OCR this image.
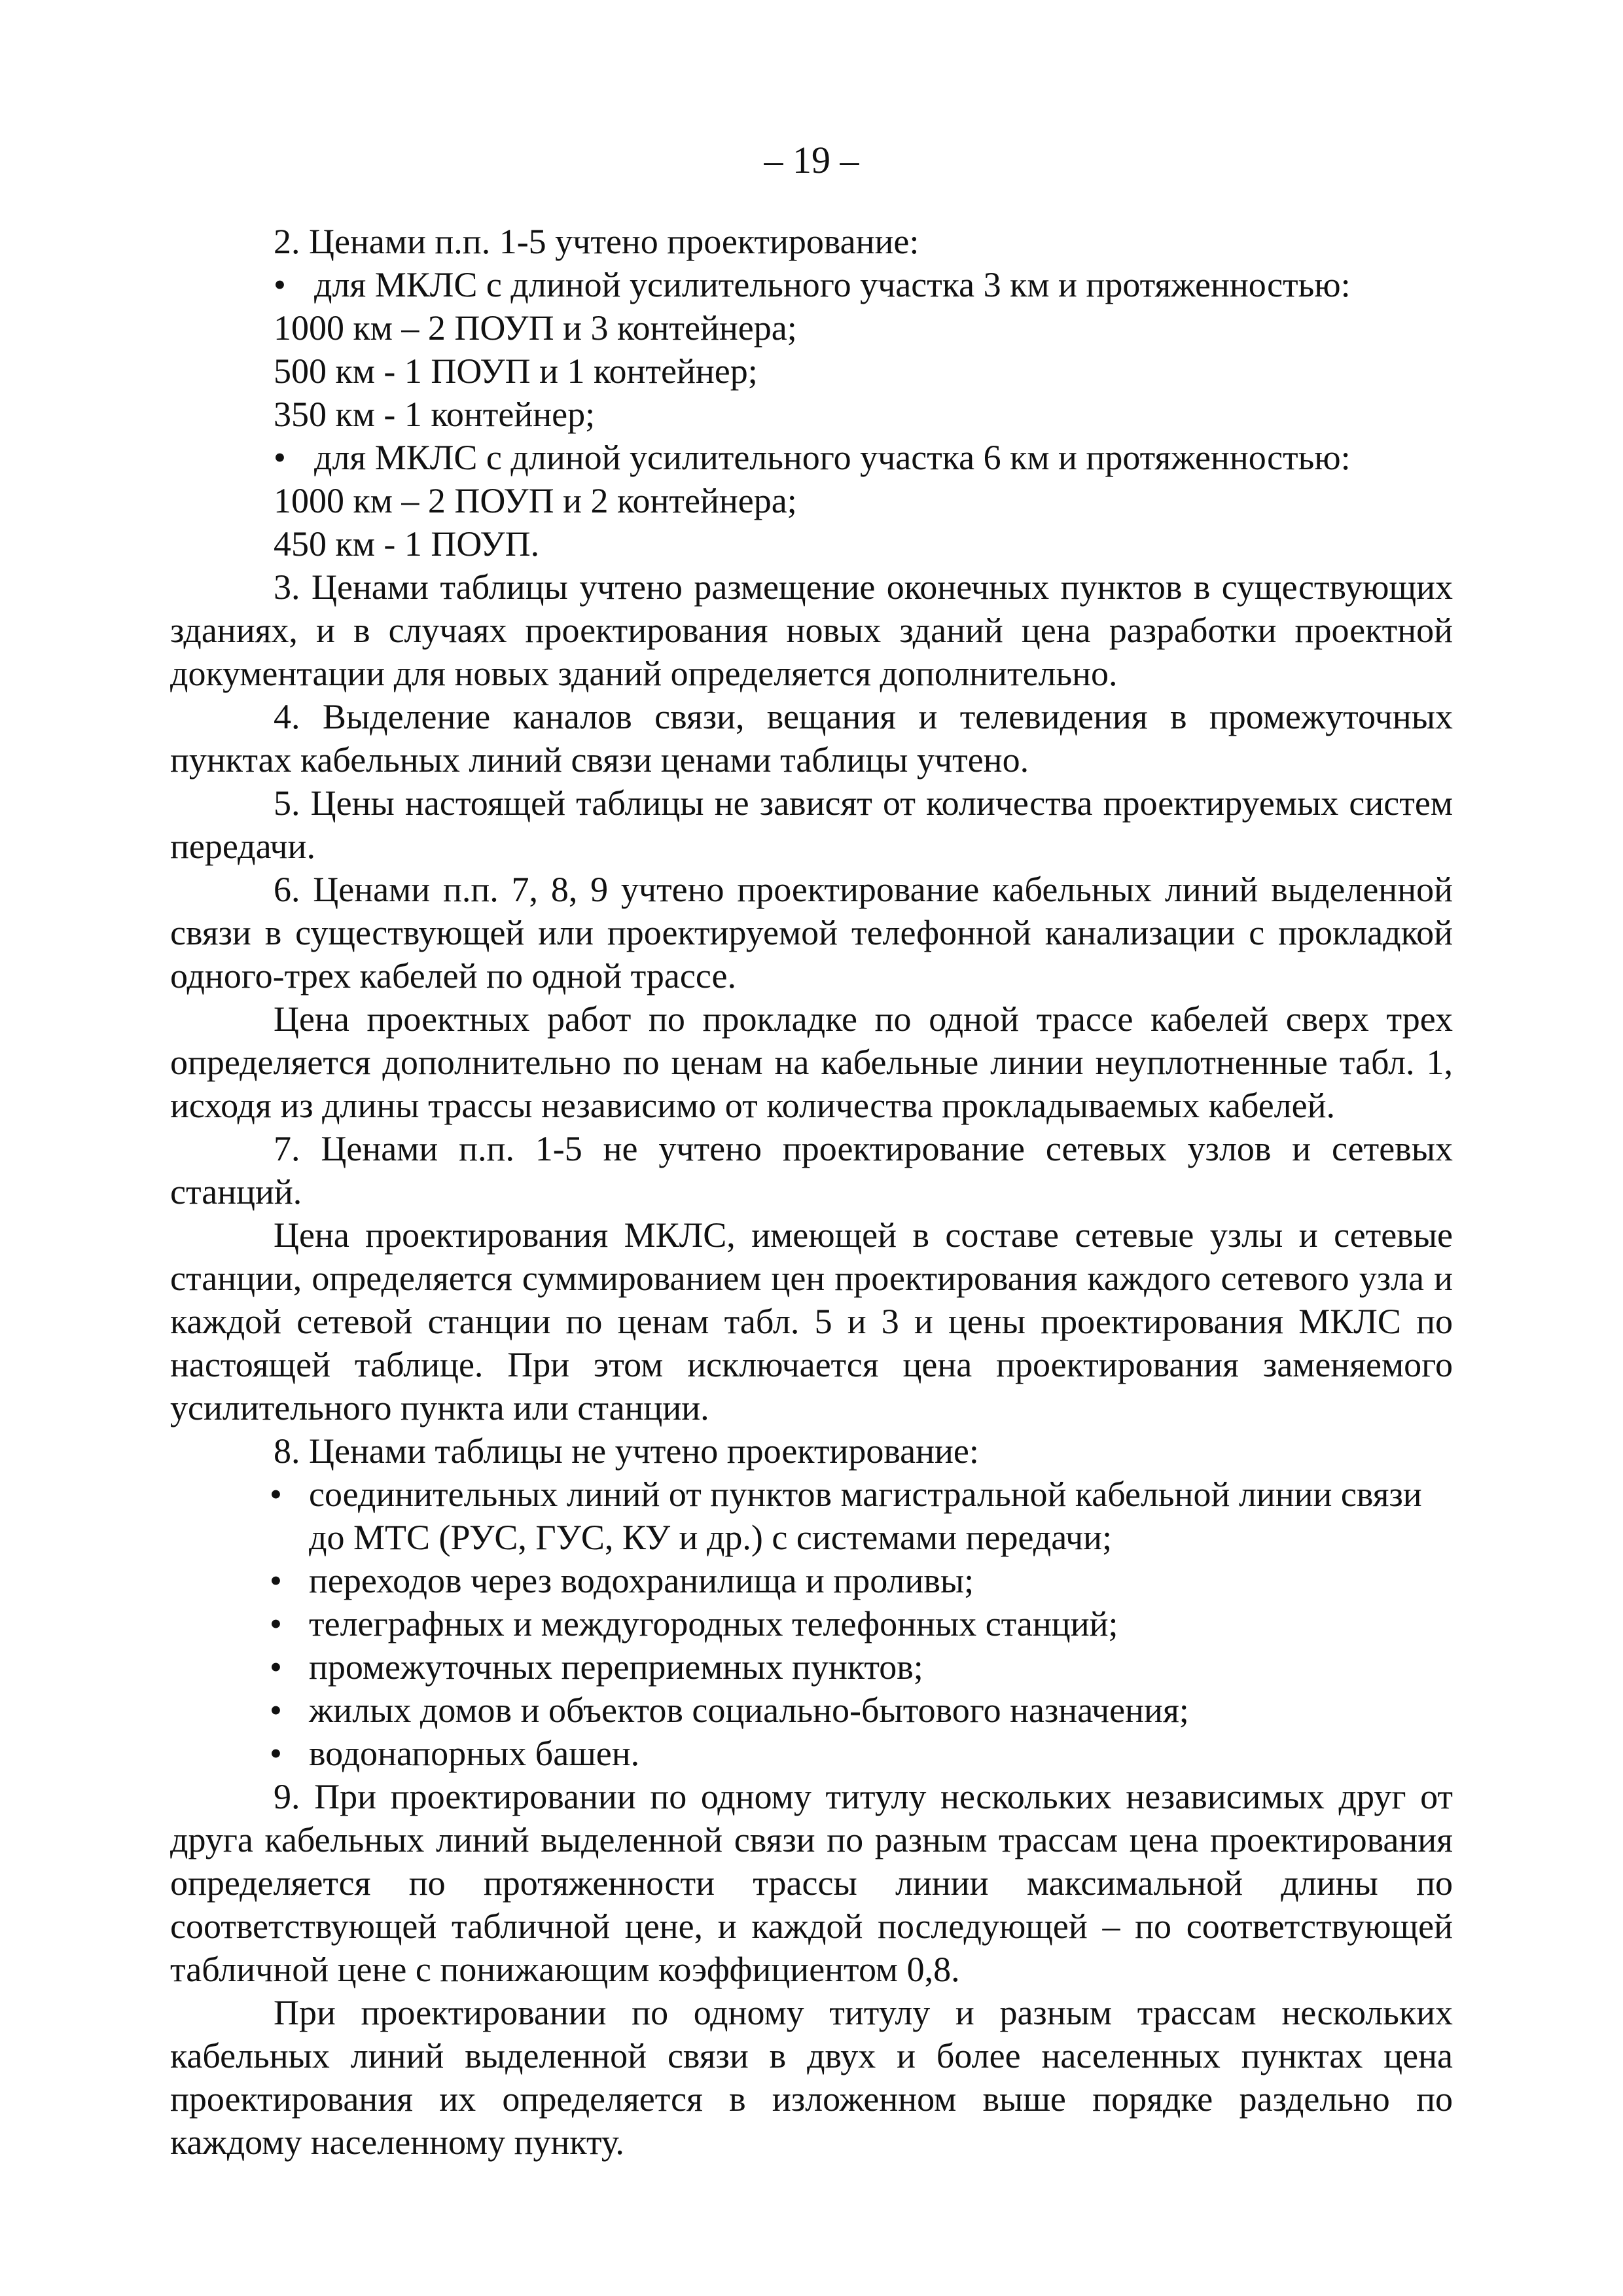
– 19 –

2. Ценами п.п. 1-5 учтено проектирование:

• для МКЛС с длиной усилительного участка 3 км и протяженностью:

1000 км – 2 ПОУП и 3 контейнера;

500 км - 1 ПОУП и 1 контейнер;

350 км - 1 контейнер;

• для МКЛС с длиной усилительного участка 6 км и протяженностью:

1000 км – 2 ПОУП и 2 контейнера;

450 км - 1 ПОУП.

3. Ценами таблицы учтено размещение оконечных пунктов в существующих зданиях, и в случаях проектирования новых зданий цена разработки проектной документации для новых зданий определяется дополнительно.

4. Выделение каналов связи, вещания и телевидения в промежуточных пунктах кабельных линий связи ценами таблицы учтено.

5. Цены настоящей таблицы не зависят от количества проектируемых систем передачи.

6. Ценами п.п. 7, 8, 9 учтено проектирование кабельных линий выделенной связи в существующей или проектируемой телефонной канализации с прокладкой одного-трех кабелей по одной трассе.

Цена проектных работ по прокладке по одной трассе кабелей сверх трех определяется дополнительно по ценам на кабельные линии неуплотненные табл. 1, исходя из длины трассы независимо от количества прокладываемых кабелей.

7. Ценами п.п. 1-5 не учтено проектирование сетевых узлов и сетевых станций.

Цена проектирования МКЛС, имеющей в составе сетевые узлы и сетевые станции, определяется суммированием цен проектирования каждого сетевого узла и каждой сетевой станции по ценам табл. 5 и 3 и цены проектирования МКЛС по настоящей таблице. При этом исключается цена проектирования заменяемого усилительного пункта или станции.

8. Ценами таблицы не учтено проектирование:

• соединительных линий от пунктов магистральной кабельной линии связи до МТС (РУС, ГУС, КУ и др.) с системами передачи;
• переходов через водохранилища и проливы;
• телеграфных и междугородных телефонных станций;
• промежуточных переприемных пунктов;
• жилых домов и объектов социально-бытового назначения;
• водонапорных башен.

9. При проектировании по одному титулу нескольких независимых друг от друга кабельных линий выделенной связи по разным трассам цена проектирования определяется по протяженности трассы линии максимальной длины по соответствующей табличной цене, и каждой последующей – по соответствующей табличной цене с понижающим коэффициентом 0,8.

При проектировании по одному титулу и разным трассам нескольких кабельных линий выделенной связи в двух и более населенных пунктах цена проектирования их определяется в изложенном выше порядке раздельно по каждому населенному пункту.
